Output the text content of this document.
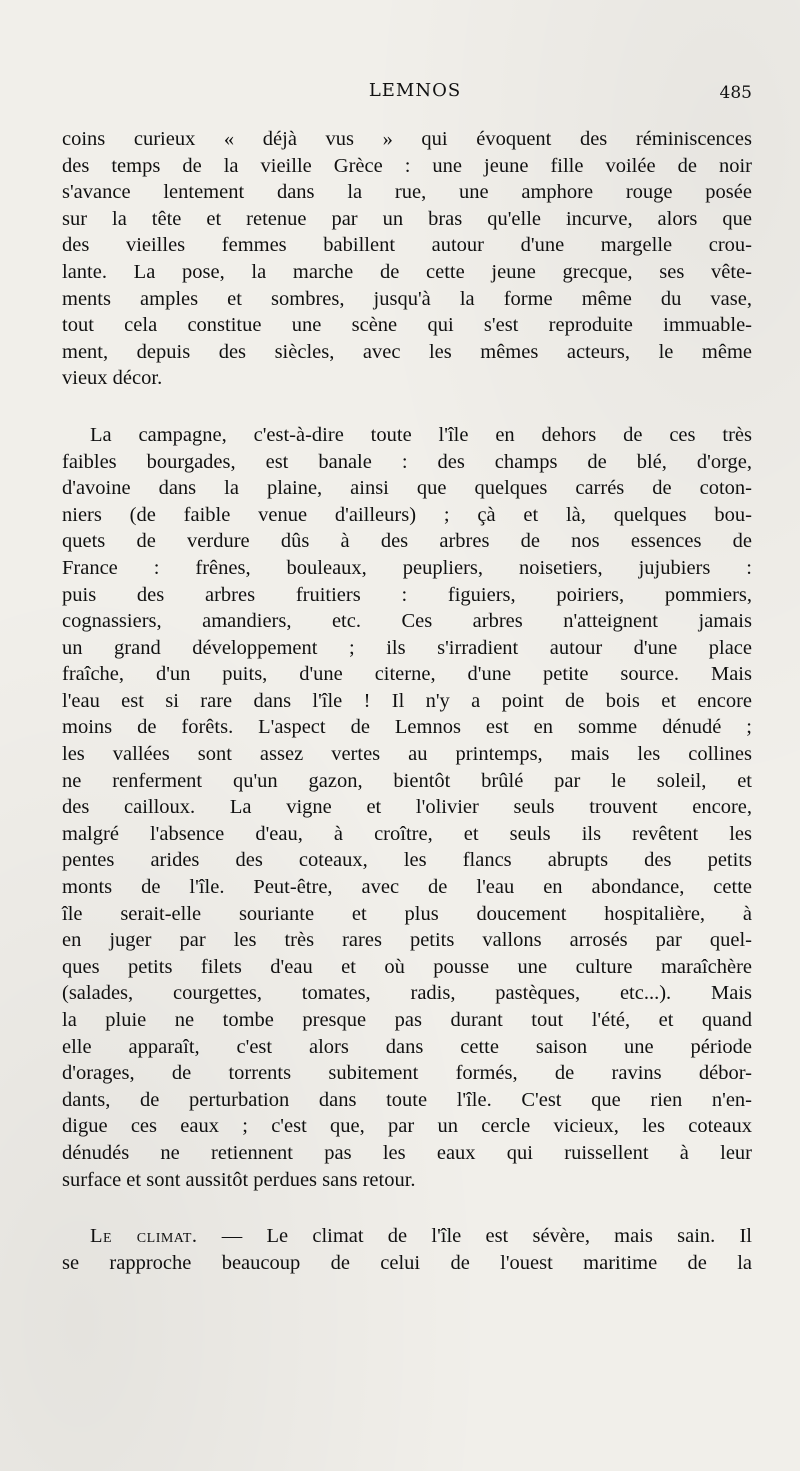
LEMNOS	485
coins curieux « déjà vus » qui évoquent des réminiscences
des temps de la vieille Grèce : une jeune fille voilée de noir
s'avance lentement dans la rue, une amphore rouge posée
sur la tête et retenue par un bras qu'elle incurve, alors que
des vieilles femmes babillent autour d'une margelle crou-
lante. La pose, la marche de cette jeune grecque, ses vête-
ments amples et sombres, jusqu'à la forme même du vase,
tout cela constitue une scène qui s'est reproduite immuable-
ment, depuis des siècles, avec les mêmes acteurs, le même
vieux décor.
La campagne, c'est-à-dire toute l'île en dehors de ces très
faibles bourgades, est banale : des champs de blé, d'orge,
d'avoine dans la plaine, ainsi que quelques carrés de coton-
niers (de faible venue d'ailleurs) ; çà et là, quelques bou-
quets de verdure dûs à des arbres de nos essences de
France : frênes, bouleaux, peupliers, noisetiers, jujubiers :
puis des arbres fruitiers : figuiers, poiriers, pommiers,
cognassiers, amandiers, etc. Ces arbres n'atteignent jamais
un grand développement ; ils s'irradient autour d'une place
fraîche, d'un puits, d'une citerne, d'une petite source. Mais
l'eau est si rare dans l'île ! Il n'y a point de bois et encore
moins de forêts. L'aspect de Lemnos est en somme dénudé ;
les vallées sont assez vertes au printemps, mais les collines
ne renferment qu'un gazon, bientôt brûlé par le soleil, et
des cailloux. La vigne et l'olivier seuls trouvent encore,
malgré l'absence d'eau, à croître, et seuls ils revêtent les
pentes arides des coteaux, les flancs abrupts des petits
monts de l'île. Peut-être, avec de l'eau en abondance, cette
île serait-elle souriante et plus doucement hospitalière, à
en juger par les très rares petits vallons arrosés par quel-
ques petits filets d'eau et où pousse une culture maraîchère
(salades, courgettes, tomates, radis, pastèques, etc...). Mais
la pluie ne tombe presque pas durant tout l'été, et quand
elle apparaît, c'est alors dans cette saison une période
d'orages, de torrents subitement formés, de ravins débor-
dants, de perturbation dans toute l'île. C'est que rien n'en-
digue ces eaux ; c'est que, par un cercle vicieux, les coteaux
dénudés ne retiennent pas les eaux qui ruissellent à leur
surface et sont aussitôt perdues sans retour.
Le climat. — Le climat de l'île est sévère, mais sain. Il
se rapproche beaucoup de celui de l'ouest maritime de la
